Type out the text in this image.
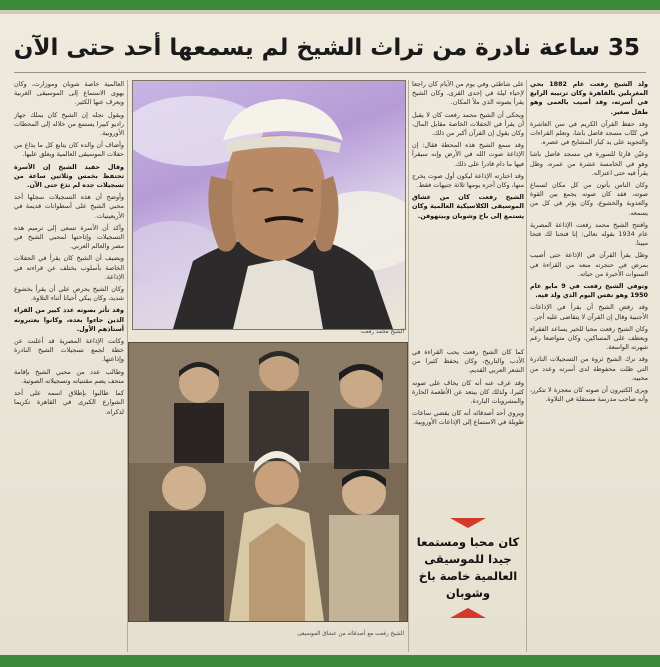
35 ساعة نادرة من تراث الشيخ لم يسمعها أحد حتى الآن

ولد الشيخ رفعت عام 1882 بحي المغربلين بالقاهرة وكان ترتيبه الرابع في أسرته، وقد أصيب بالعمى وهو طفل صغير.

وقد حفظ القرآن الكريم في سن العاشرة في كتّاب مسجد فاضل باشا، وتعلم القراءات والتجويد على يد كبار المشايخ في عصره.

وعيّن قارئا للسورة في مسجد فاضل باشا وهو في الخامسة عشرة من عمره، وظل يقرأ فيه حتى اعتزاله.

وكان الناس يأتون من كل مكان لسماع صوته، فقد كان صوته يجمع بين القوة والعذوبة والخشوع، وكان يؤثر في كل من يسمعه.

وافتتح الشيخ محمد رفعت الإذاعة المصرية عام 1934 بقوله تعالى: إنا فتحنا لك فتحا مبينا.

وظل يقرأ القرآن في الإذاعة حتى أصيب بمرض في حنجرته منعه من القراءة في السنوات الأخيرة من حياته.

وتوفي الشيخ رفعت في 9 مايو عام 1950 وهو نفس اليوم الذي ولد فيه.

وقد رفض الشيخ أن يقرأ في الإذاعات الأجنبية وقال إن القرآن لا يتقاضى عليه أجر.

وكان الشيخ رفعت محبا للخير يساعد الفقراء ويعطف على المساكين، وكان متواضعا رغم شهرته الواسعة.

وقد ترك الشيخ ثروة من التسجيلات النادرة التي ظلت محفوظة لدى أسرته وعدد من محبيه.

ويرى الكثيرون أن صوته كان معجزة لا تتكرر، وأنه صاحب مدرسة مستقلة في التلاوة.

على شاطئي وفي يوم من الأيام كان راجعا لإحياء ليلة في إحدى القرى، وكان الشيخ يقرأ بصوته الذي ملأ المكان.

ويحكى أن الشيخ محمد رفعت كان لا يقبل أن يقرأ في الحفلات الخاصة مقابل المال، وكان يقول إن القرآن أكبر من ذلك.

وقد سمع الشيخ هذه المحطة فقال: إن الإذاعة صوت الله في الأرض وإنه سيقرأ فيها ما دام قادرا على ذلك.

وقد اختارته الإذاعة ليكون أول صوت يخرج منها، وكان أجره يومها ثلاثة جنيهات فقط.

الشيخ رفعت كان من عشاق الموسيقى الكلاسيكية العالمية وكان يستمع إلى باخ وشوبان وبيتهوفن.

كما كان الشيخ رفعت يحب القراءة في الأدب والتاريخ، وكان يحفظ كثيرا من الشعر العربي القديم.

وقد عرف عنه أنه كان يخاف على صوته كثيرا، ولذلك كان يبتعد عن الأطعمة الحارة والمشروبات الباردة.

ويروي أحد أصدقائه أنه كان يقضي ساعات طويلة في الاستماع إلى الإذاعات الأوروبية.

كان محبا ومستمعا جيدا للموسيقى العالمية خاصة باخ وشوبان
الشيخ محمد رفعت
الشيخ رفعت مع أصدقائه من عشاق الموسيقى

العالمية خاصة شوبان وموزارت، وكان يهوى الاستماع إلى الموسيقى الغربية ويعرف عنها الكثير.

ويقول نجله إن الشيخ كان يملك جهاز راديو كبيرا يستمع من خلاله إلى المحطات الأوروبية.

وأضاف أن والده كان يتابع كل ما يذاع من حفلات الموسيقى العالمية ويعلق عليها.

وقال حفيد الشيخ إن الأسرة تحتفظ بخمس وثلاثين ساعة من تسجيلات جده لم تذع حتى الآن.

وأوضح أن هذه التسجيلات سجلها أحد محبي الشيخ على أسطوانات قديمة في الأربعينيات.

وأكد أن الأسرة تسعى إلى ترميم هذه التسجيلات وإتاحتها لمحبي الشيخ في مصر والعالم العربي.

ويضيف أن الشيخ كان يقرأ في الحفلات الخاصة بأسلوب يختلف عن قراءته في الإذاعة.

وكان الشيخ يحرص على أن يقرأ بخشوع شديد، وكان يبكي أحيانا أثناء التلاوة.

وقد تأثر بصوته عدد كبير من القراء الذين جاءوا بعده، وكانوا يعتبرونه أستاذهم الأول.

وكانت الإذاعة المصرية قد أعلنت عن خطة لجمع تسجيلات الشيخ النادرة وإذاعتها.

وطالب عدد من محبي الشيخ بإقامة متحف يضم مقتنياته وتسجيلاته الصوتية.

كما طالبوا بإطلاق اسمه على أحد الشوارع الكبرى في القاهرة تكريما لذكراه.
